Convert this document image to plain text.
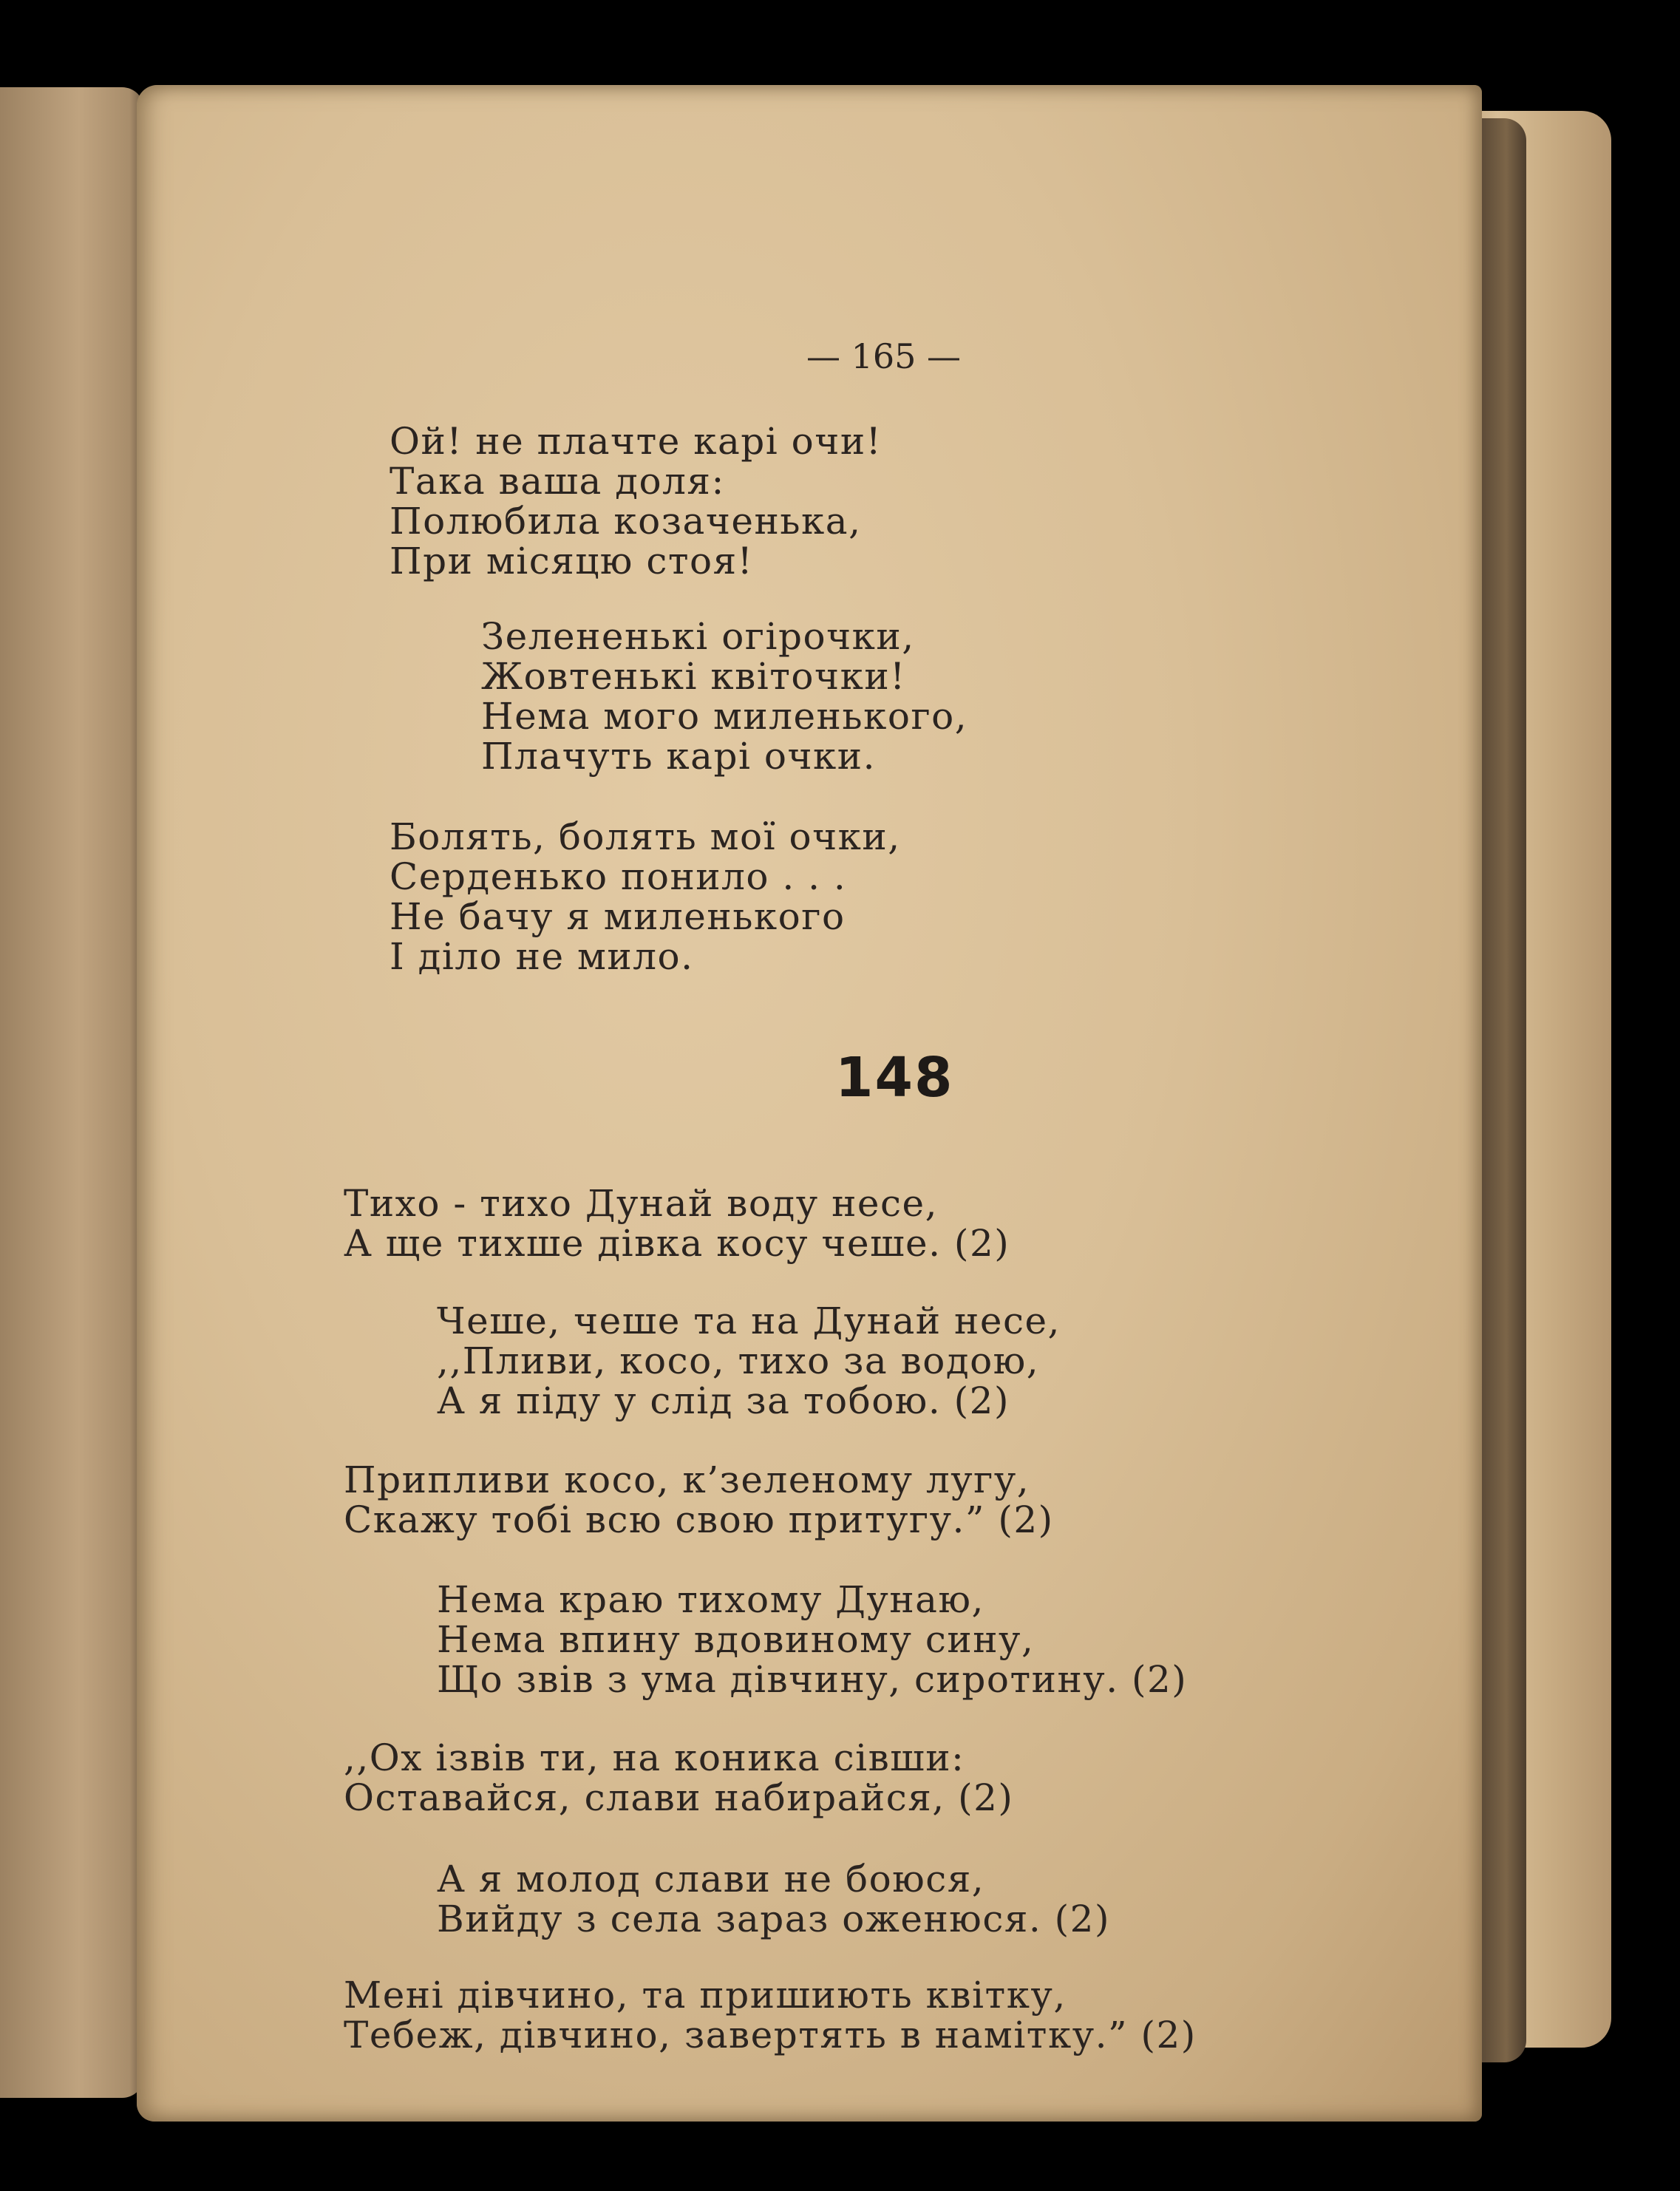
— 165 —
Ой! не плачте карі очи!
Така ваша доля:
Полюбила козаченька,
При місяцю стоя!
Зелененькі огірочки,
Жовтенькі квіточки!
Нема мого миленького,
Плачуть карі очки.
Болять, болять мої очки,
Серденько понило . . .
Не бачу я миленького
І діло не мило.
148
Тихо - тихо Дунай воду несе,
А ще тихше дівка косу чеше. (2)
Чеше, чеше та на Дунай несе,
,,Пливи, косо, тихо за водою,
А я піду у слід за тобою. (2)
Припливи косо, к’зеленому лугу,
Скажу тобі всю свою притугу.” (2)
Нема краю тихому Дунаю,
Нема впину вдовиному сину,
Що звів з ума дівчину, сиротину. (2)
,,Ох ізвів ти, на коника сівши:
Оставайся, слави набирайся, (2)
А я молод слави не боюся,
Вийду з села зараз оженюся. (2)
Мені дівчино, та пришиють квітку,
Тебеж, дівчино, завертять в намітку.” (2)
